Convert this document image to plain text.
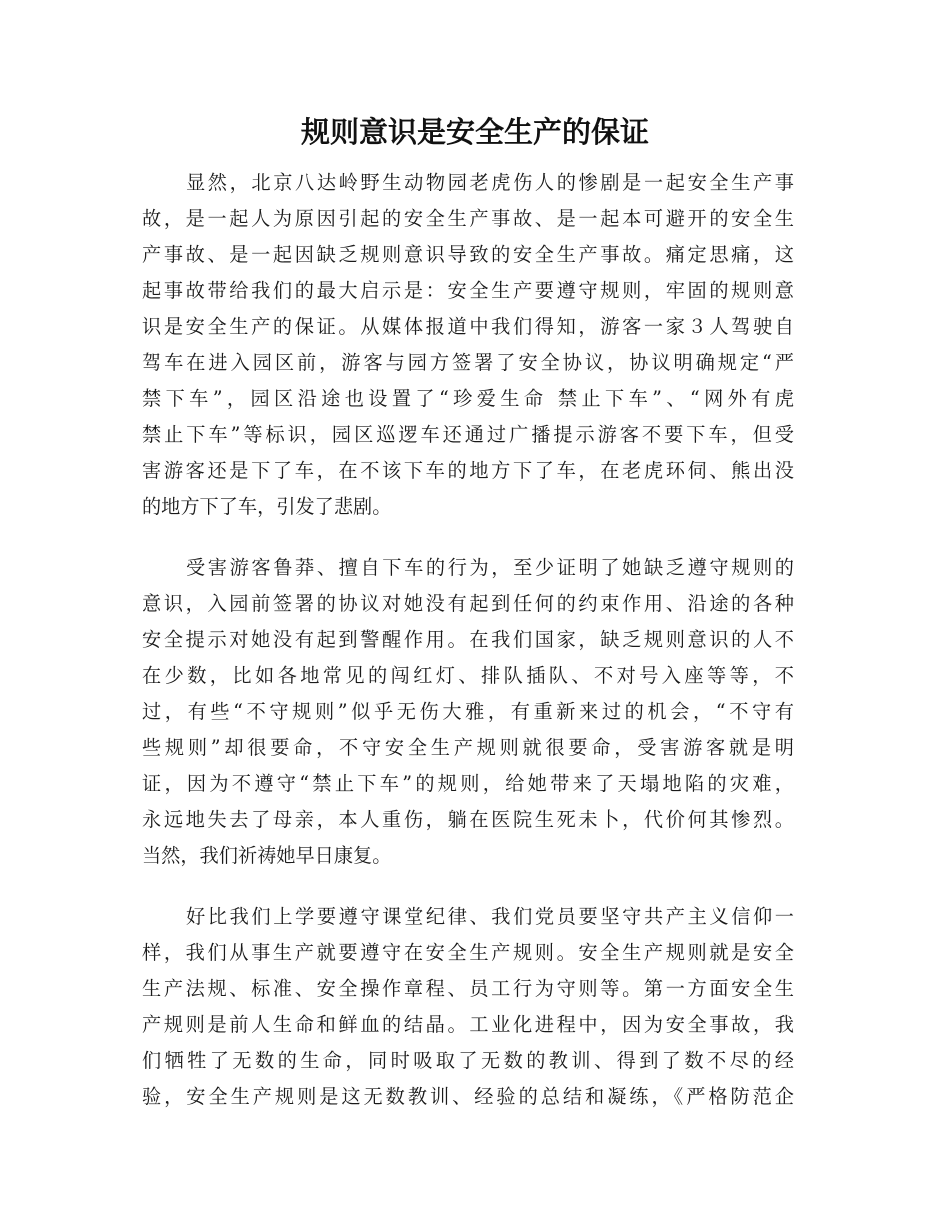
规则意识是安全生产的保证

显然，北京八达岭野生动物园老虎伤人的惨剧是一起安全生产事

故，是一起人为原因引起的安全生产事故、是一起本可避开的安全生

产事故、是一起因缺乏规则意识导致的安全生产事故。痛定思痛，这

起事故带给我们的最大启示是：安全生产要遵守规则，牢固的规则意

识是安全生产的保证。从媒体报道中我们得知，游客一家３人驾驶自

驾车在进入园区前，游客与园方签署了安全协议，协议明确规定“严

禁下车”，园区沿途也设置了“珍爱生命 禁止下车”、“网外有虎

禁止下车”等标识，园区巡逻车还通过广播提示游客不要下车，但受

害游客还是下了车，在不该下车的地方下了车，在老虎环伺、熊出没

的地方下了车，引发了悲剧。

受害游客鲁莽、擅自下车的行为，至少证明了她缺乏遵守规则的

意识，入园前签署的协议对她没有起到任何的约束作用、沿途的各种

安全提示对她没有起到警醒作用。在我们国家，缺乏规则意识的人不

在少数，比如各地常见的闯红灯、排队插队、不对号入座等等，不

过，有些“不守规则”似乎无伤大雅，有重新来过的机会，“不守有

些规则”却很要命，不守安全生产规则就很要命，受害游客就是明

证，因为不遵守“禁止下车”的规则，给她带来了天塌地陷的灾难，

永远地失去了母亲，本人重伤，躺在医院生死未卜，代价何其惨烈。

当然，我们祈祷她早日康复。

好比我们上学要遵守课堂纪律、我们党员要坚守共产主义信仰一

样，我们从事生产就要遵守在安全生产规则。安全生产规则就是安全

生产法规、标准、安全操作章程、员工行为守则等。第一方面安全生

产规则是前人生命和鲜血的结晶。工业化进程中，因为安全事故，我

们牺牲了无数的生命，同时吸取了无数的教训、得到了数不尽的经

验，安全生产规则是这无数教训、经验的总结和凝练，《严格防范企
